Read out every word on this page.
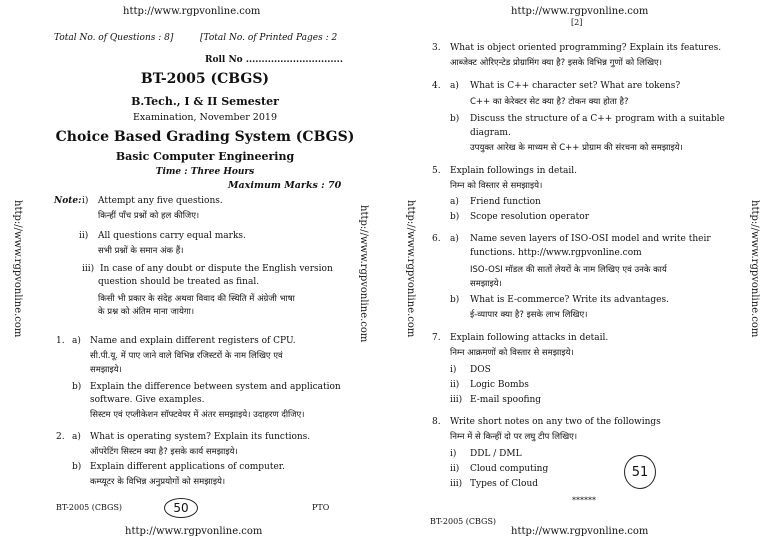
http://www.rgpvonline.com
Total No. of Questions : 8]	[Total No. of Printed Pages : 2
Roll No ...............................
BT-2005 (CBGS)
B.Tech., I & II Semester
Examination, November 2019
Choice Based Grading System (CBGS)
Basic Computer Engineering
Time : Three Hours
Maximum Marks : 70
Note: i) Attempt any five questions.
किन्हीं पाँच प्रश्नों को हल कीजिए।
ii) All questions carry equal marks.
सभी प्रश्नों के समान अंक हैं।
iii) In case of any doubt or dispute the English version
question should be treated as final.
किसी भी प्रकार के संदेह अथवा विवाद की स्थिति में अंग्रेजी भाषा
के प्रश्न को अंतिम माना जायेगा।
1. a) Name and explain different registers of CPU.
सी.पी.यू. में पाए जाने वाले विभिन्न रजिस्टरों के नाम लिखिए एवं
समझाइये।
b) Explain the difference between system and application
software. Give examples.
सिस्टम एवं एप्लीकेशन सॉफ्टवेयर में अंतर समझाइये। उदाहरण दीजिए।
2. a) What is operating system? Explain its functions.
ऑपरेटिंग सिस्टम क्या है? इसके कार्य समझाइये।
b) Explain different applications of computer.
कम्प्यूटर के विभिन्न अनुप्रयोगों को समझाइये।
BT-2005 (CBGS)	50	PTO
http://www.rgpvonline.com
http://www.rgpvonline.com	http://www.rgpvonline.com
http://www.rgpvonline.com
[2]
http://www.rgpvonline.com	http://www.rgpvonline.com
3. What is object oriented programming? Explain its features.
आब्जेक्ट ओरिएन्टेड प्रोग्रामिंग क्या है? इसके विभिन्न गुणों को लिखिए।
4. a) What is C++ character set? What are tokens?
C++ का केरेक्टर सेट क्या है? टोकन क्या होता है?
b) Discuss the structure of a C++ program with a suitable
diagram.
उपयुक्त आरेख के माध्यम से C++ प्रोग्राम की संरचना को समझाइये।
5. Explain followings in detail.
निम्न को विस्तार से समझाइये।
a) Friend function
b) Scope resolution operator
6. a) Name seven layers of ISO-OSI model and write their
functions. http://www.rgpvonline.com
ISO-OSI मॉडल की सातों लेयरों के नाम लिखिए एवं उनके कार्य
समझाइये।
b) What is E-commerce? Write its advantages.
ई-व्यापार क्या है? इसके लाभ लिखिए।
7. Explain following attacks in detail.
निम्न आक्रमणों को विस्तार से समझाइये।
i) DOS
ii) Logic Bombs
iii) E-mail spoofing
8. Write short notes on any two of the followings
निम्न में से किन्हीं दो पर लघु टीप लिखिए।
i) DDL / DML
ii) Cloud computing
iii) Types of Cloud
51
******
BT-2005 (CBGS)
http://www.rgpvonline.com
